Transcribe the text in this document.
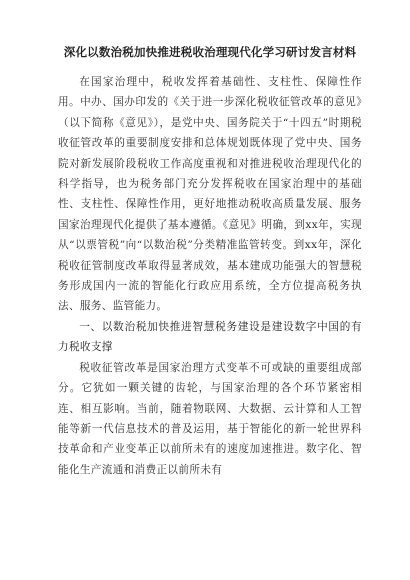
深化以数治税加快推进税收治理现代化学习研讨发言材料

在国家治理中，税收发挥着基础性、支柱性、保障性作用。中办、国办印发的《关于进一步深化税收征管改革的意见》（以下简称《意见》），是党中央、国务院关于“十四五”时期税收征管改革的重要制度安排和总体规划既体现了党中央、国务院对新发展阶段税收工作高度重视和对推进税收治理现代化的科学指导，也为税务部门充分发挥税收在国家治理中的基础性、支柱性、保障性作用，更好地推动税收高质量发展、服务国家治理现代化提供了基本遵循。《意见》明确，到xx年，实现从“以票管税”向“以数治税”分类精准监管转变。到xx年，深化税收征管制度改革取得显著成效，基本建成功能强大的智慧税务形成国内一流的智能化行政应用系统，全方位提高税务执法、服务、监管能力。

一、以数治税加快推进智慧税务建设是建设数字中国的有力税收支撑

税收征管改革是国家治理方式变革不可或缺的重要组成部分。它犹如一颗关键的齿轮，与国家治理的各个环节紧密相连、相互影响。当前，随着物联网、大数据、云计算和人工智能等新一代信息技术的普及运用，基于智能化的新一轮世界科技革命和产业变革正以前所未有的速度加速推进。数字化、智能化生产流通和消费正以前所未有
